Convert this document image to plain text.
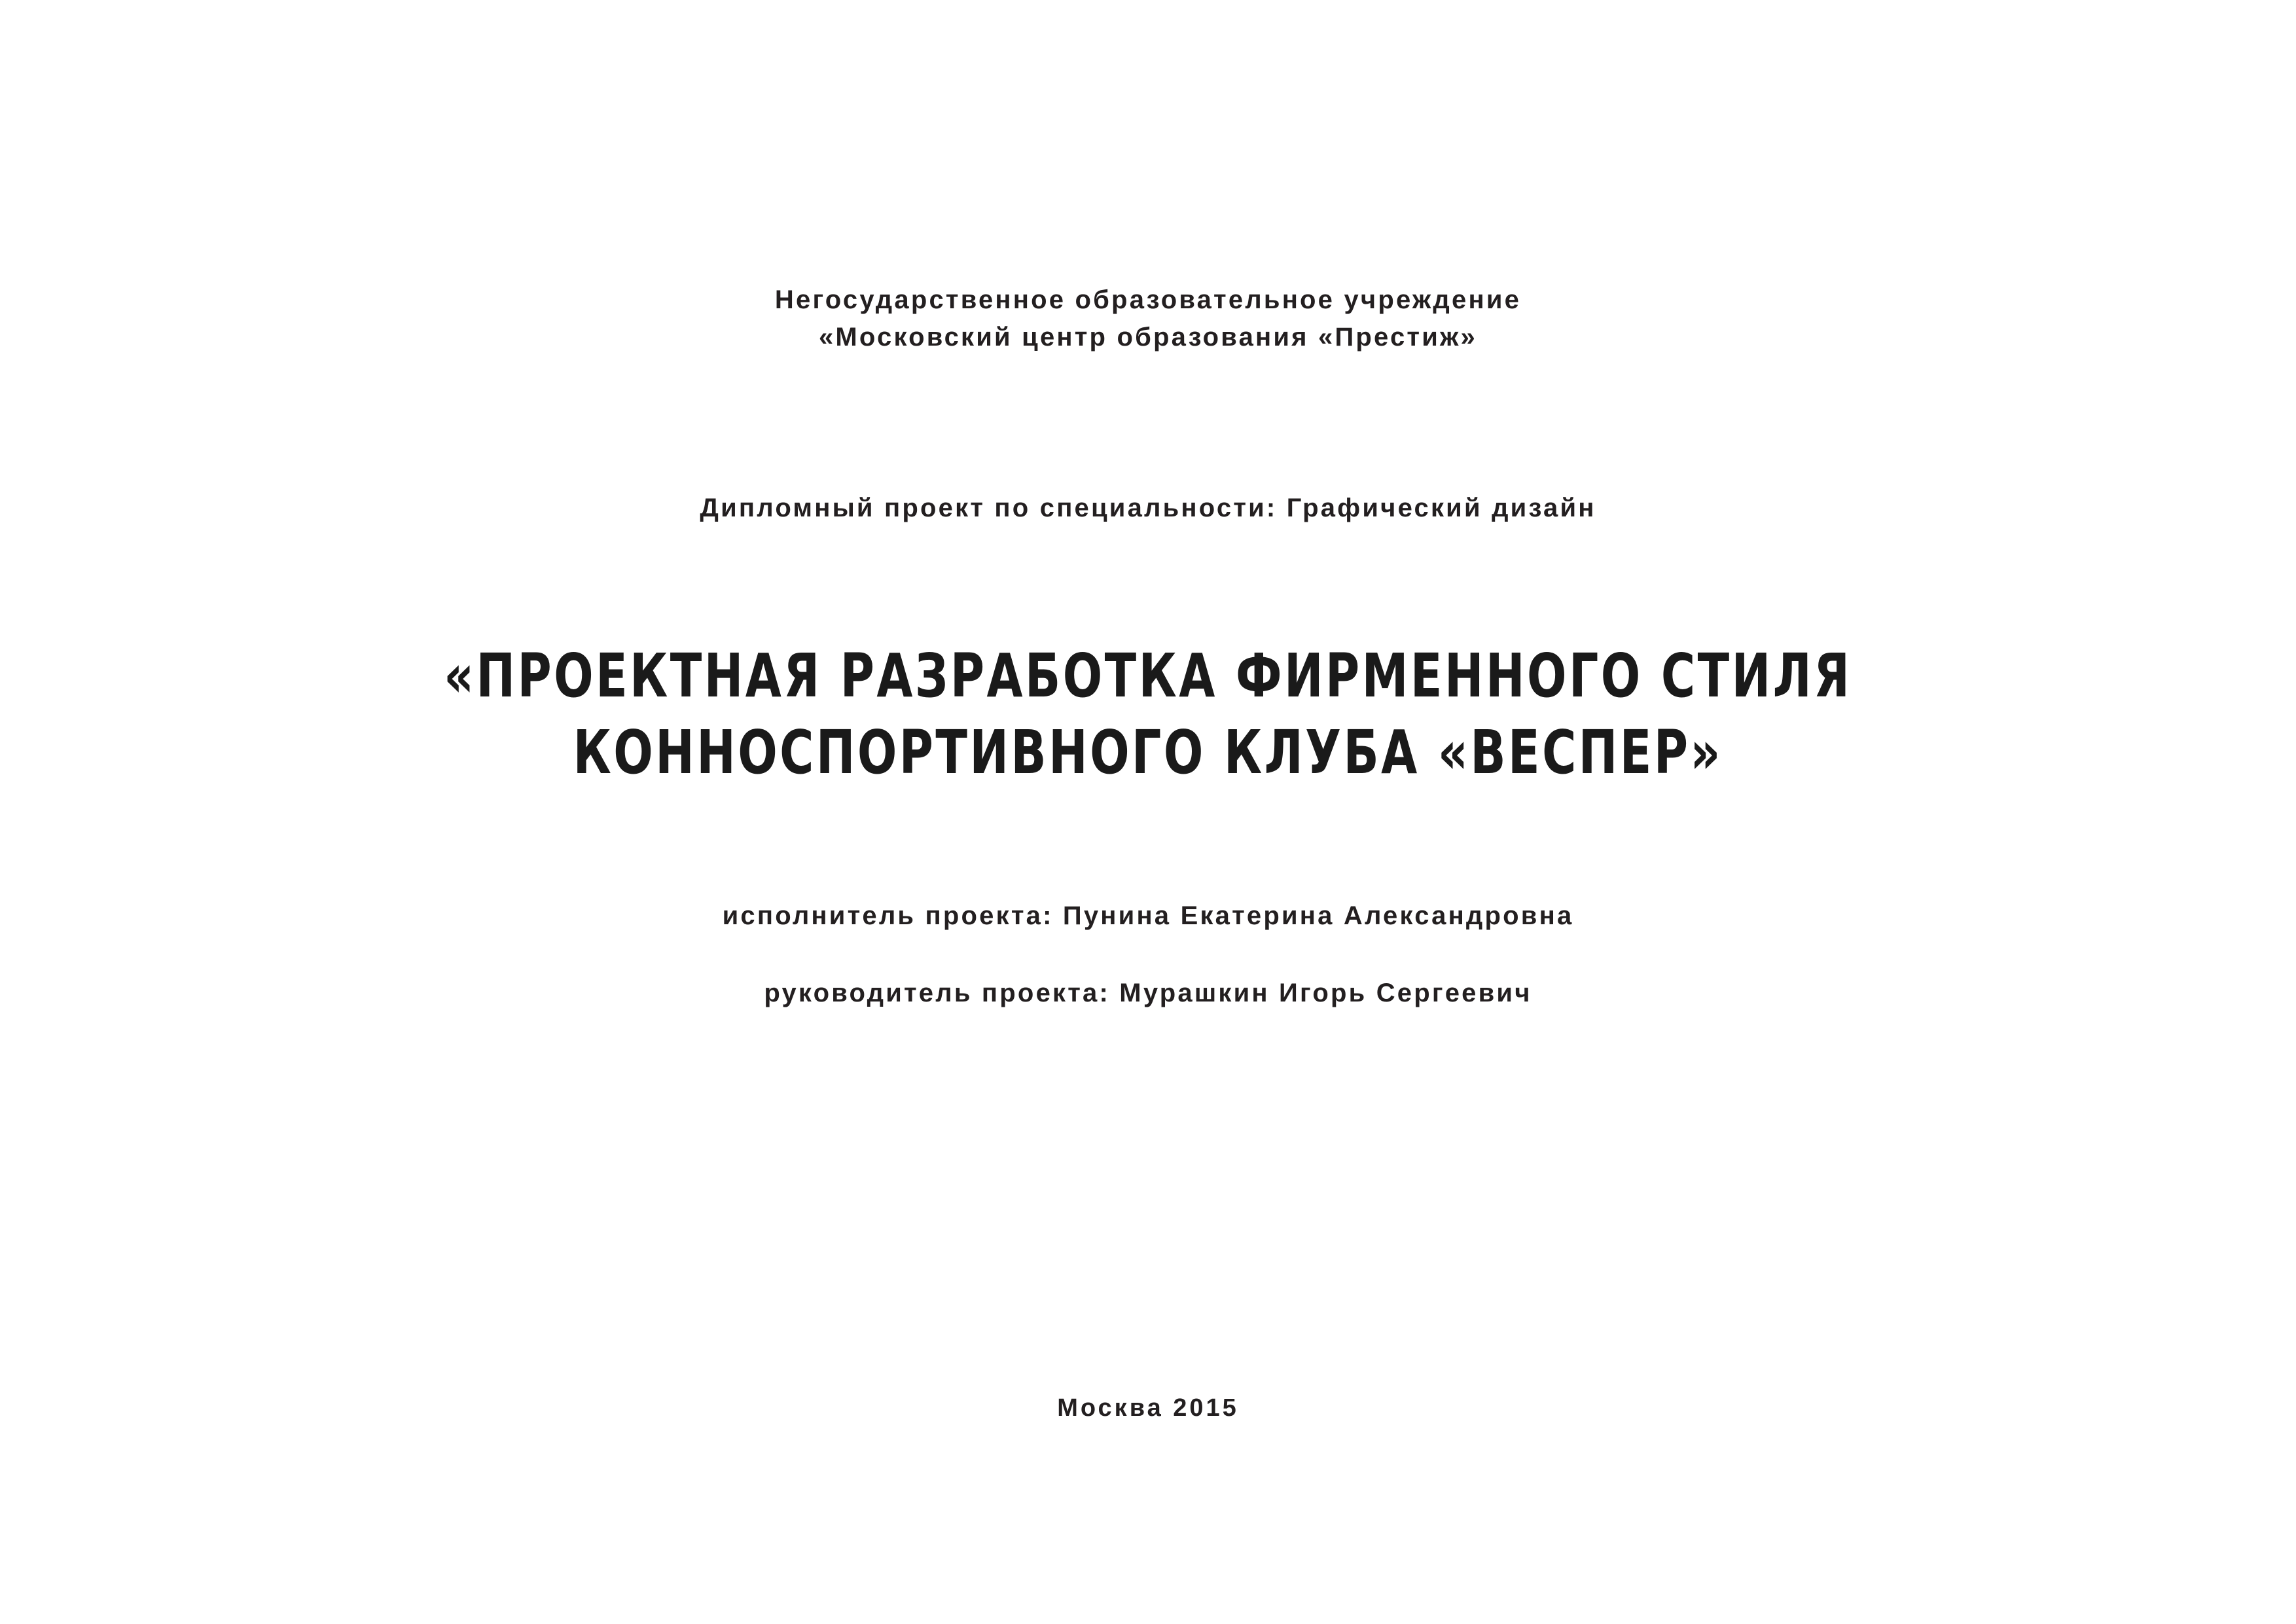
Негосударственное образовательное учреждение
«Московский центр образования «Престиж»
Дипломный проект по специальности: Графический дизайн
«ПРОЕКТНАЯ РАЗРАБОТКА ФИРМЕННОГО СТИЛЯ
КОННОСПОРТИВНОГО КЛУБА «ВЕСПЕР»
исполнитель проекта: Пунина Екатерина Александровна
руководитель проекта: Мурашкин Игорь Сергеевич
Москва 2015
